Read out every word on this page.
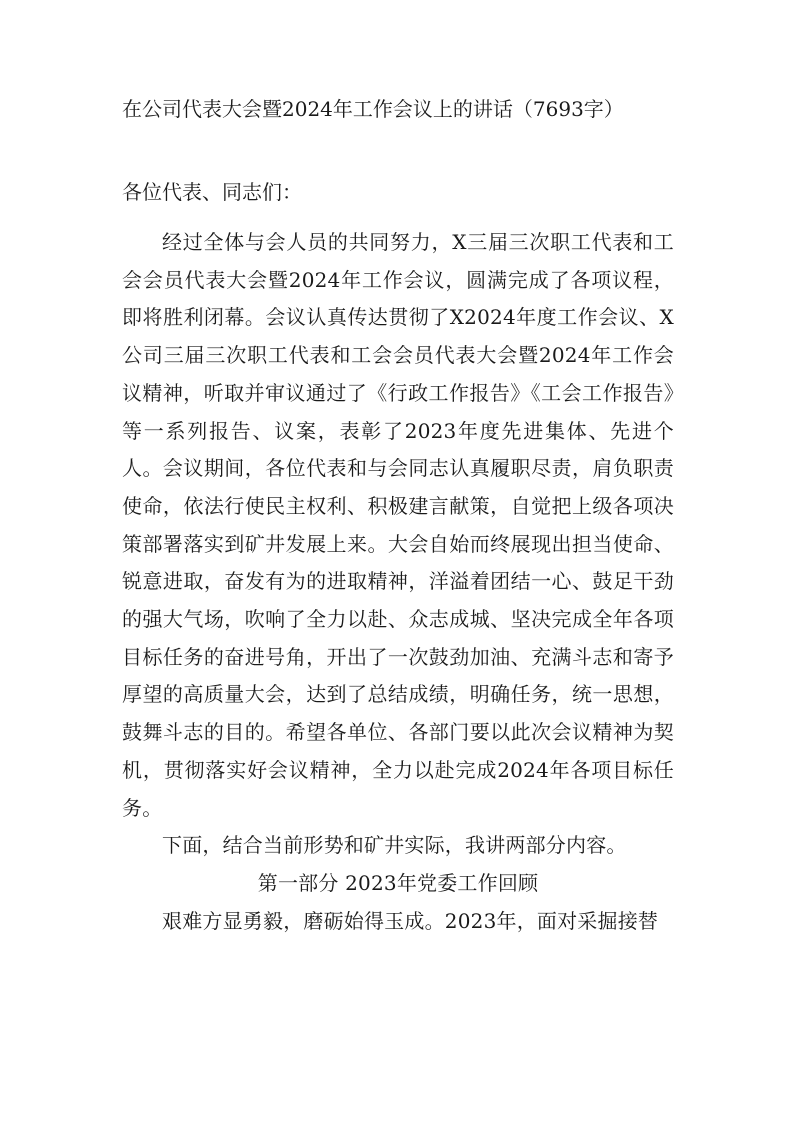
在公司代表大会暨2024年工作会议上的讲话（7693字）
各位代表、同志们：

经过全体与会人员的共同努力，X三届三次职工代表和工会会员代表大会暨2024年工作会议，圆满完成了各项议程，即将胜利闭幕。会议认真传达贯彻了X2024年度工作会议、X公司三届三次职工代表和工会会员代表大会暨2024年工作会议精神，听取并审议通过了《行政工作报告》《工会工作报告》等一系列报告、议案，表彰了2023年度先进集体、先进个人。会议期间，各位代表和与会同志认真履职尽责，肩负职责使命，依法行使民主权利、积极建言献策，自觉把上级各项决策部署落实到矿井发展上来。大会自始而终展现出担当使命、锐意进取，奋发有为的进取精神，洋溢着团结一心、鼓足干劲的强大气场，吹响了全力以赴、众志成城、坚决完成全年各项目标任务的奋进号角，开出了一次鼓劲加油、充满斗志和寄予厚望的高质量大会，达到了总结成绩，明确任务，统一思想，鼓舞斗志的目的。希望各单位、各部门要以此次会议精神为契机，贯彻落实好会议精神，全力以赴完成2024年各项目标任务。

下面，结合当前形势和矿井实际，我讲两部分内容。

第一部分 2023年党委工作回顾

艰难方显勇毅，磨砺始得玉成。2023年，面对采掘接替
